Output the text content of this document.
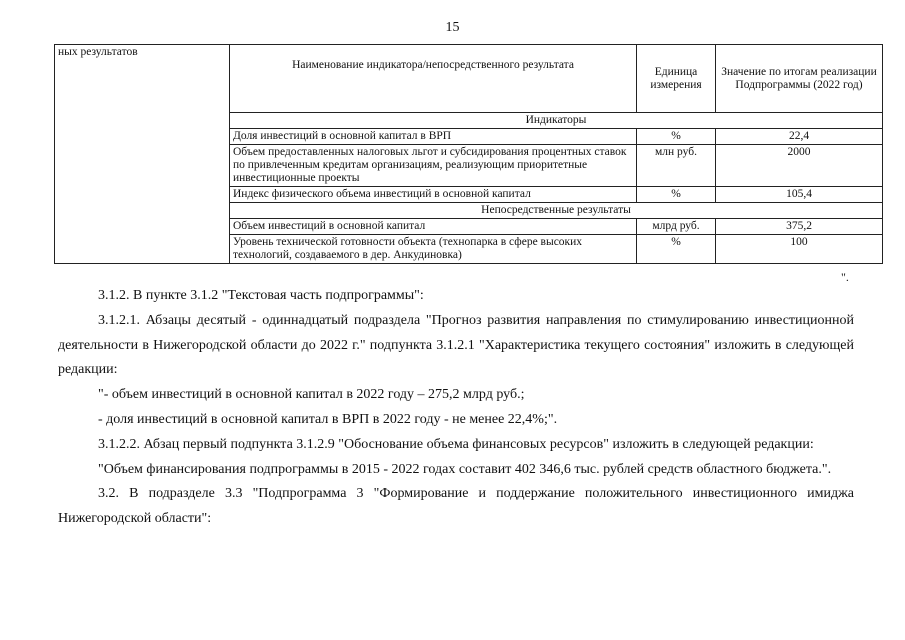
15
ных результатов	Наименование индикатора/непосредственного результата	Единица измерения	Значение по итогам реализации Подпрограммы (2022 год)
	Индикаторы		
	Доля инвестиций в основной капитал в ВРП	%	22,4
	Объем предоставленных налоговых льгот и субсидирования процентных ставок по привлеченным кредитам организациям, реализующим приоритетные инвестиционные проекты	млн руб.	2000
	Индекс физического объема инвестиций в основной капитал	%	105,4
	Непосредственные результаты		
	Объем инвестиций в основной капитал	млрд руб.	375,2
	Уровень технической готовности объекта (технопарка в сфере высоких технологий, создаваемого в дер. Анкудиновка)	%	100
".

3.1.2. В пункте 3.1.2 "Текстовая часть подпрограммы":

3.1.2.1. Абзацы десятый - одиннадцатый подраздела "Прогноз развития направления по стимулированию инвестиционной деятельности в Нижегородской области до 2022 г." подпункта 3.1.2.1 "Характеристика текущего состояния" изложить в следующей редакции:

"- объем инвестиций в основной капитал в 2022 году – 275,2 млрд руб.;

- доля инвестиций в основной капитал в ВРП в 2022 году - не менее 22,4%;".

3.1.2.2. Абзац первый подпункта 3.1.2.9 "Обоснование объема финансовых ресурсов" изложить в следующей редакции:

"Объем финансирования подпрограммы в 2015 - 2022 годах составит 402 346,6 тыс. рублей средств областного бюджета.".

3.2. В подразделе 3.3 "Подпрограмма 3 "Формирование и поддержание положительного инвестиционного имиджа Нижегородской области":
